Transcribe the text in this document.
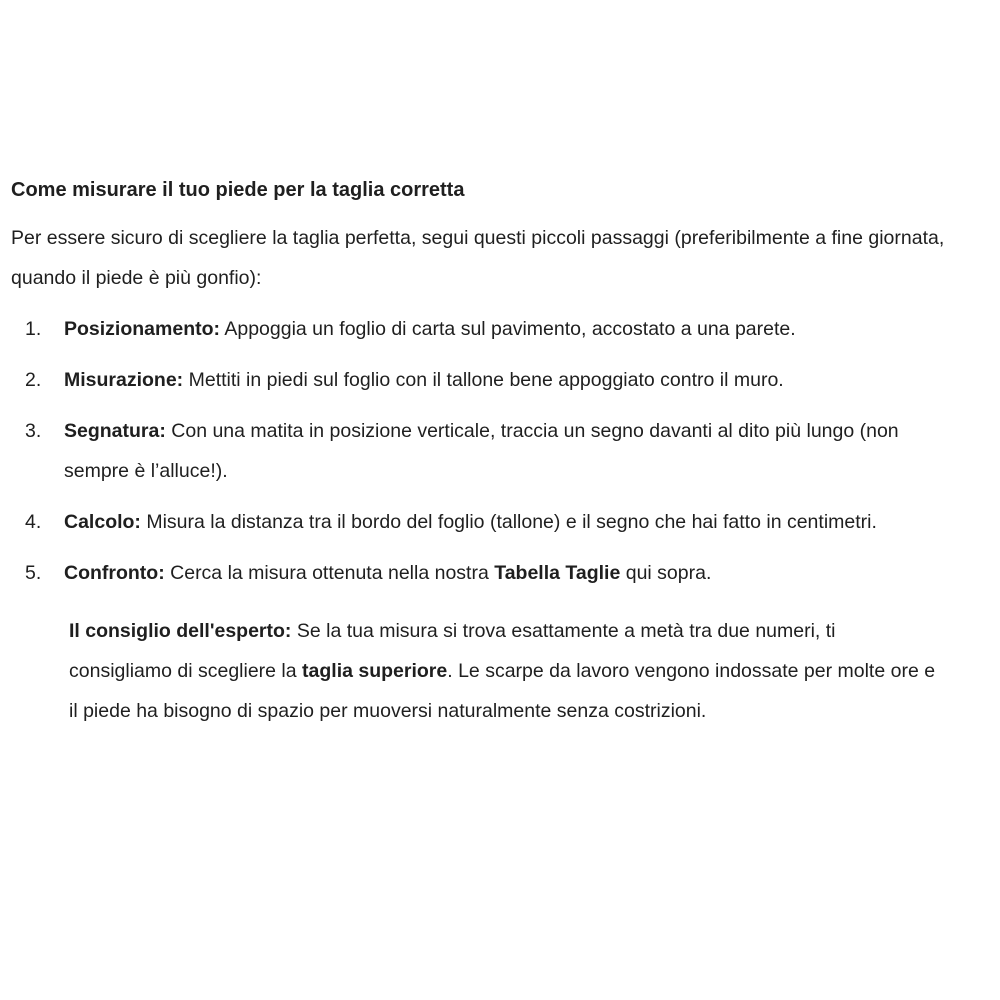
Come misurare il tuo piede per la taglia corretta

Per essere sicuro di scegliere la taglia perfetta, segui questi piccoli passaggi (preferibilmente a fine giornata, quando il piede è più gonfio):

1.	Posizionamento: Appoggia un foglio di carta sul pavimento, accostato a una parete.
2.	Misurazione: Mettiti in piedi sul foglio con il tallone bene appoggiato contro il muro.
3.	Segnatura: Con una matita in posizione verticale, traccia un segno davanti al dito più lungo (non sempre è l’alluce!).
4.	Calcolo: Misura la distanza tra il bordo del foglio (tallone) e il segno che hai fatto in centimetri.
5.	Confronto: Cerca la misura ottenuta nella nostra Tabella Taglie qui sopra.

Il consiglio dell'esperto: Se la tua misura si trova esattamente a metà tra due numeri, ti consigliamo di scegliere la taglia superiore. Le scarpe da lavoro vengono indossate per molte ore e il piede ha bisogno di spazio per muoversi naturalmente senza costrizioni.
